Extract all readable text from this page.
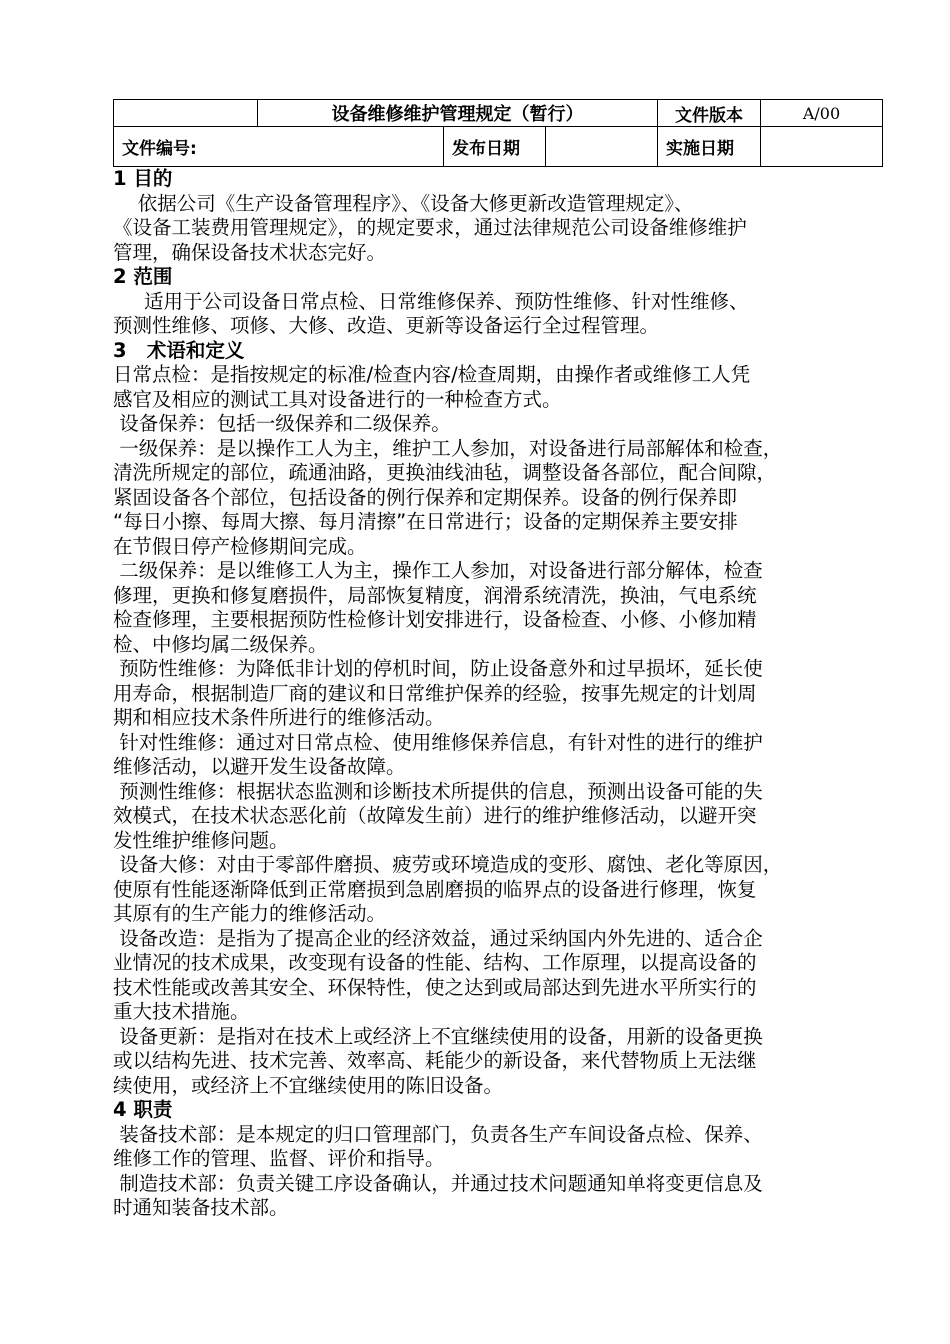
	设备维修维护管理规定（暂行）			文件版本	A/00
文件编号:		发布日期		实施日期	
1 目的
依据公司《生产设备管理程序》、《设备大修更新改造管理规定》、
《设备工装费用管理规定》，的规定要求，通过法律规范公司设备维修维护
管理，确保设备技术状态完好。
2 范围
适用于公司设备日常点检、日常维修保养、预防性维修、针对性维修、
预测性维修、项修、大修、改造、更新等设备运行全过程管理。
3   术语和定义
日常点检：是指按规定的标准/检查内容/检查周期，由操作者或维修工人凭
感官及相应的测试工具对设备进行的一种检查方式。
设备保养：包括一级保养和二级保养。
一级保养：是以操作工人为主，维护工人参加，对设备进行局部解体和检查，
清洗所规定的部位，疏通油路，更换油线油毡，调整设备各部位，配合间隙，
紧固设备各个部位，包括设备的例行保养和定期保养。设备的例行保养即
“每日小擦、每周大擦、每月清擦”在日常进行；设备的定期保养主要安排
在节假日停产检修期间完成。
二级保养：是以维修工人为主，操作工人参加，对设备进行部分解体，检查
修理，更换和修复磨损件，局部恢复精度，润滑系统清洗，换油，气电系统
检查修理，主要根据预防性检修计划安排进行，设备检查、小修、小修加精
检、中修均属二级保养。
预防性维修：为降低非计划的停机时间，防止设备意外和过早损坏，延长使
用寿命，根据制造厂商的建议和日常维护保养的经验，按事先规定的计划周
期和相应技术条件所进行的维修活动。
针对性维修：通过对日常点检、使用维修保养信息，有针对性的进行的维护
维修活动，以避开发生设备故障。
预测性维修：根据状态监测和诊断技术所提供的信息，预测出设备可能的失
效模式，在技术状态恶化前（故障发生前）进行的维护维修活动，以避开突
发性维护维修问题。
设备大修：对由于零部件磨损、疲劳或环境造成的变形、腐蚀、老化等原因，
使原有性能逐渐降低到正常磨损到急剧磨损的临界点的设备进行修理，恢复
其原有的生产能力的维修活动。
设备改造：是指为了提高企业的经济效益，通过采纳国内外先进的、适合企
业情况的技术成果，改变现有设备的性能、结构、工作原理，以提高设备的
技术性能或改善其安全、环保特性，使之达到或局部达到先进水平所实行的
重大技术措施。
设备更新：是指对在技术上或经济上不宜继续使用的设备，用新的设备更换
或以结构先进、技术完善、效率高、耗能少的新设备，来代替物质上无法继
续使用，或经济上不宜继续使用的陈旧设备。
4 职责
装备技术部：是本规定的归口管理部门，负责各生产车间设备点检、保养、
维修工作的管理、监督、评价和指导。
制造技术部：负责关键工序设备确认，并通过技术问题通知单将变更信息及
时通知装备技术部。
